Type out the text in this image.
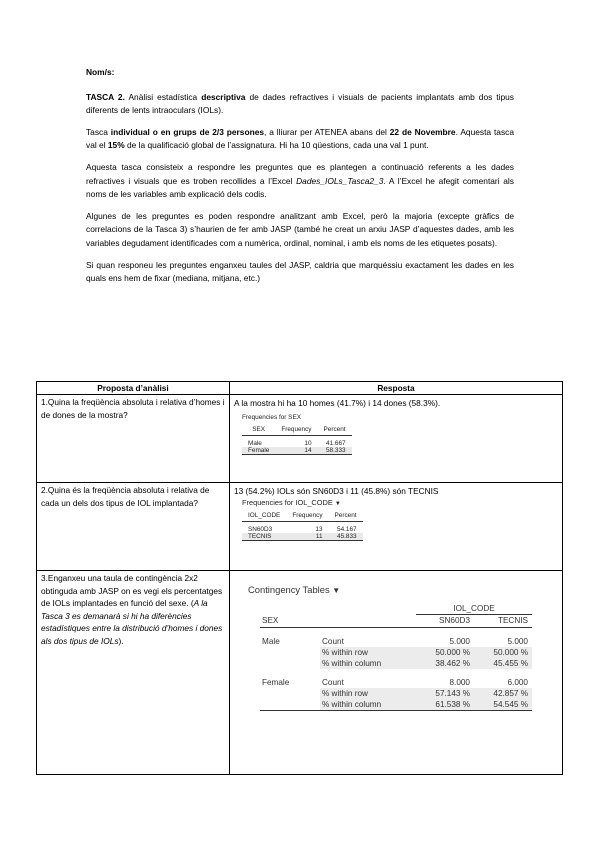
Nom/s:

TASCA 2. Anàlisi estadística descriptiva de dades refractives i visuals de pacients implantats amb dos tipus diferents de lents intraoculars (IOLs).

Tasca individual o en grups de 2/3 persones, a lliurar per ATENEA abans del 22 de Novembre. Aquesta tasca val el 15% de la qualificació global de l’assignatura. Hi ha 10 qüestions, cada una val 1 punt.

Aquesta tasca consisteix a respondre les preguntes que es plantegen a continuació referents a les dades refractives i visuals que es troben recollides a l’Excel Dades_IOLs_Tasca2_3. A l’Excel he afegit comentari als noms de les variables amb explicació dels codis.

Algunes de les preguntes es poden respondre analitzant amb Excel, però la majoria (excepte gràfics de correlacions de la Tasca 3) s’haurien de fer amb JASP (també he creat un arxiu JASP d’aquestes dades, amb les variables degudament identificades com a numèrica, ordinal, nominal, i amb els noms de les etiquetes posats).

Si quan responeu les preguntes enganxeu taules del JASP, caldria que marquéssiu exactament les dades en les quals ens hem de fixar (mediana, mitjana, etc.)

Proposta d’anàlisi	Resposta
1.Quina la freqüència absoluta i relativa d’homes i de dones de la mostra?	
A la mostra hi ha 10 homes (41.7%) i 14 dones (58.3%).
Frequencies for SEX
SEX	Frequency	Percent
Male	10	41.667
Female	14	58.333

2.Quina és la freqüència absoluta i relativa de cada un dels dos tipus de IOL implantada?	
13 (54.2%) IOLs són SN60D3 i 11 (45.8%) són TECNIS
Frequencies for IOL_CODE ▼
IOL_CODE	Frequency	Percent
SN60D3	13	54.167
TECNIS	11	45.833

3.Enganxeu una taula de contingència 2x2 obtinguda amb JASP on es vegi els percentatges de IOLs implantades en funció del sexe. (A la Tasca 3 es demanarà si hi ha diferències estadístiques entre la distribució d’homes i dones als dos tipus de IOLs).	
Contingency Tables ▼
		IOL_CODE
SEX		SN60D3	TECNIS

Male	Count	5.000	5.000
	% within row	50.000 %	50.000 %
	% within column	38.462 %	45.455 %

Female	Count	8.000	6.000
	% within row	57.143 %	42.857 %
	% within column	61.538 %	54.545 %
